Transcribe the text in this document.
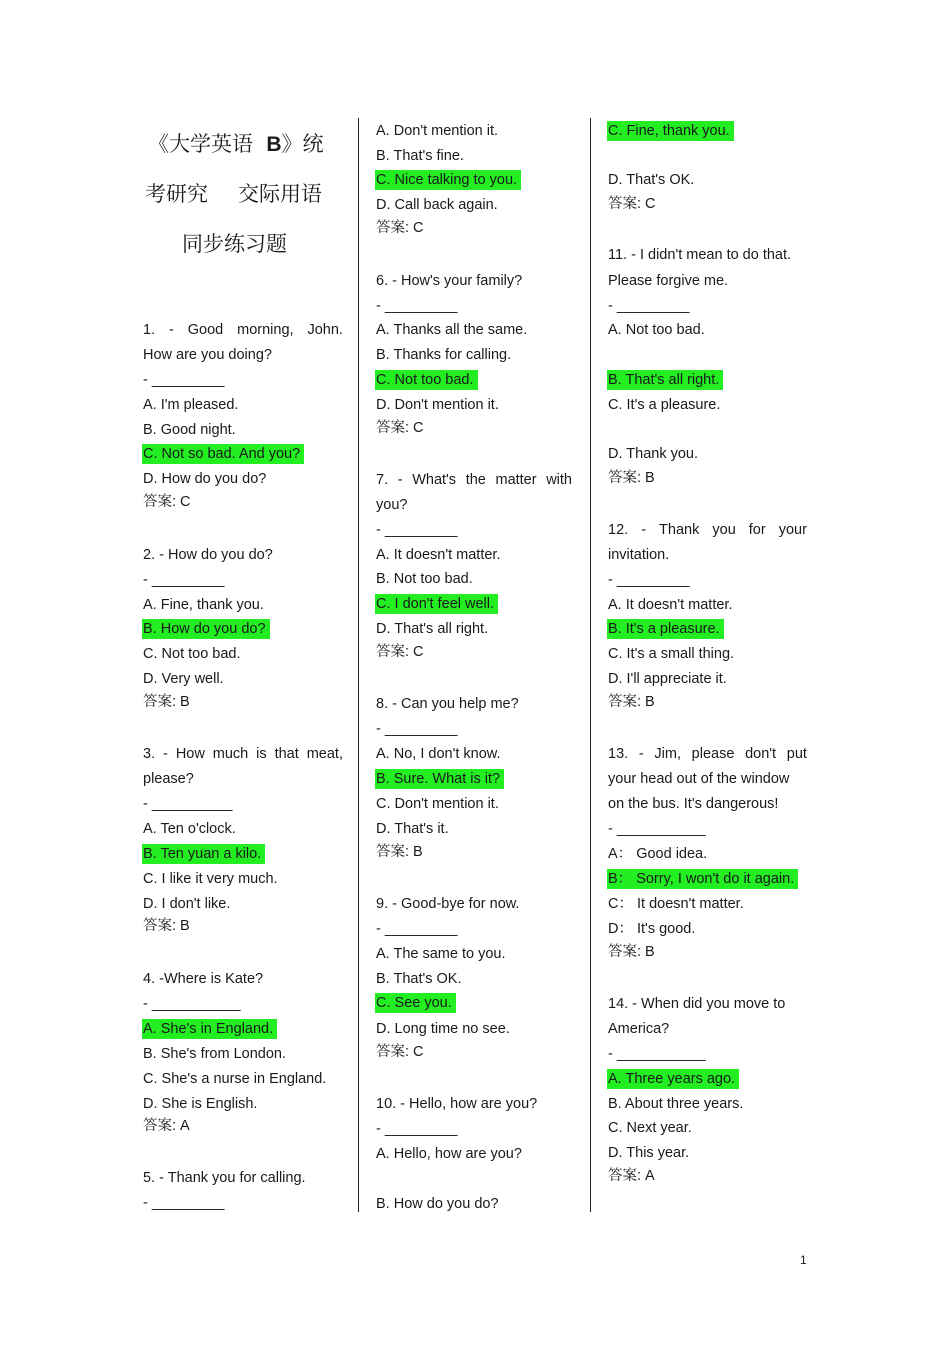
《大学英语 B》统
考研究 交际用语
同步练习题
1. - Good morning, John.
How are you doing?
- _________
A. I'm pleased.
B. Good night.
C. Not so bad. And you?
D. How do you do?
答案: C
2. - How do you do?
- _________
A. Fine, thank you.
B. How do you do?
C. Not too bad.
D. Very well.
答案: B
3. - How much is that meat,
please?
- __________
A. Ten o'clock.
B. Ten yuan a kilo.
C. I like it very much.
D. I don't like.
答案: B
4. -Where is Kate?
- ___________
A. She's in England.
B. She's from London.
C. She's a nurse in England.
D. She is English.
答案: A
5. - Thank you for calling.
- _________
A. Don't mention it.
B. That's fine.
C. Nice talking to you.
D. Call back again.
答案: C
6. - How's your family?
- _________
A. Thanks all the same.
B. Thanks for calling.
C. Not too bad.
D. Don't mention it.
答案: C
7. - What's the matter with
you?
- _________
A. It doesn't matter.
B. Not too bad.
C. I don't feel well.
D. That's all right.
答案: C
8. - Can you help me?
- _________
A. No, I don't know.
B. Sure. What is it?
C. Don't mention it.
D. That's it.
答案: B
9. - Good-bye for now.
- _________
A. The same to you.
B. That's OK.
C. See you.
D. Long time no see.
答案: C
10. - Hello, how are you?
- _________
A. Hello, how are you?
B. How do you do?
C. Fine, thank you.
D. That's OK.
答案: C
11. - I didn't mean to do that.
Please forgive me.
- _________
A. Not too bad.
B. That's all right.
C. It's a pleasure.
D. Thank you.
答案: B
12. - Thank you for your
invitation.
- _________
A. It doesn't matter.
B. It's a pleasure.
C. It's a small thing.
D. I'll appreciate it.
答案: B
13. - Jim, please don't put
your head out of the window
on the bus. It's dangerous!
- ___________
A： Good idea.
B： Sorry, I won't do it again.
C： It doesn't matter.
D： It's good.
答案: B
14. - When did you move to
America?
- ___________
A. Three years ago.
B. About three years.
C. Next year.
D. This year.
答案: A
1
